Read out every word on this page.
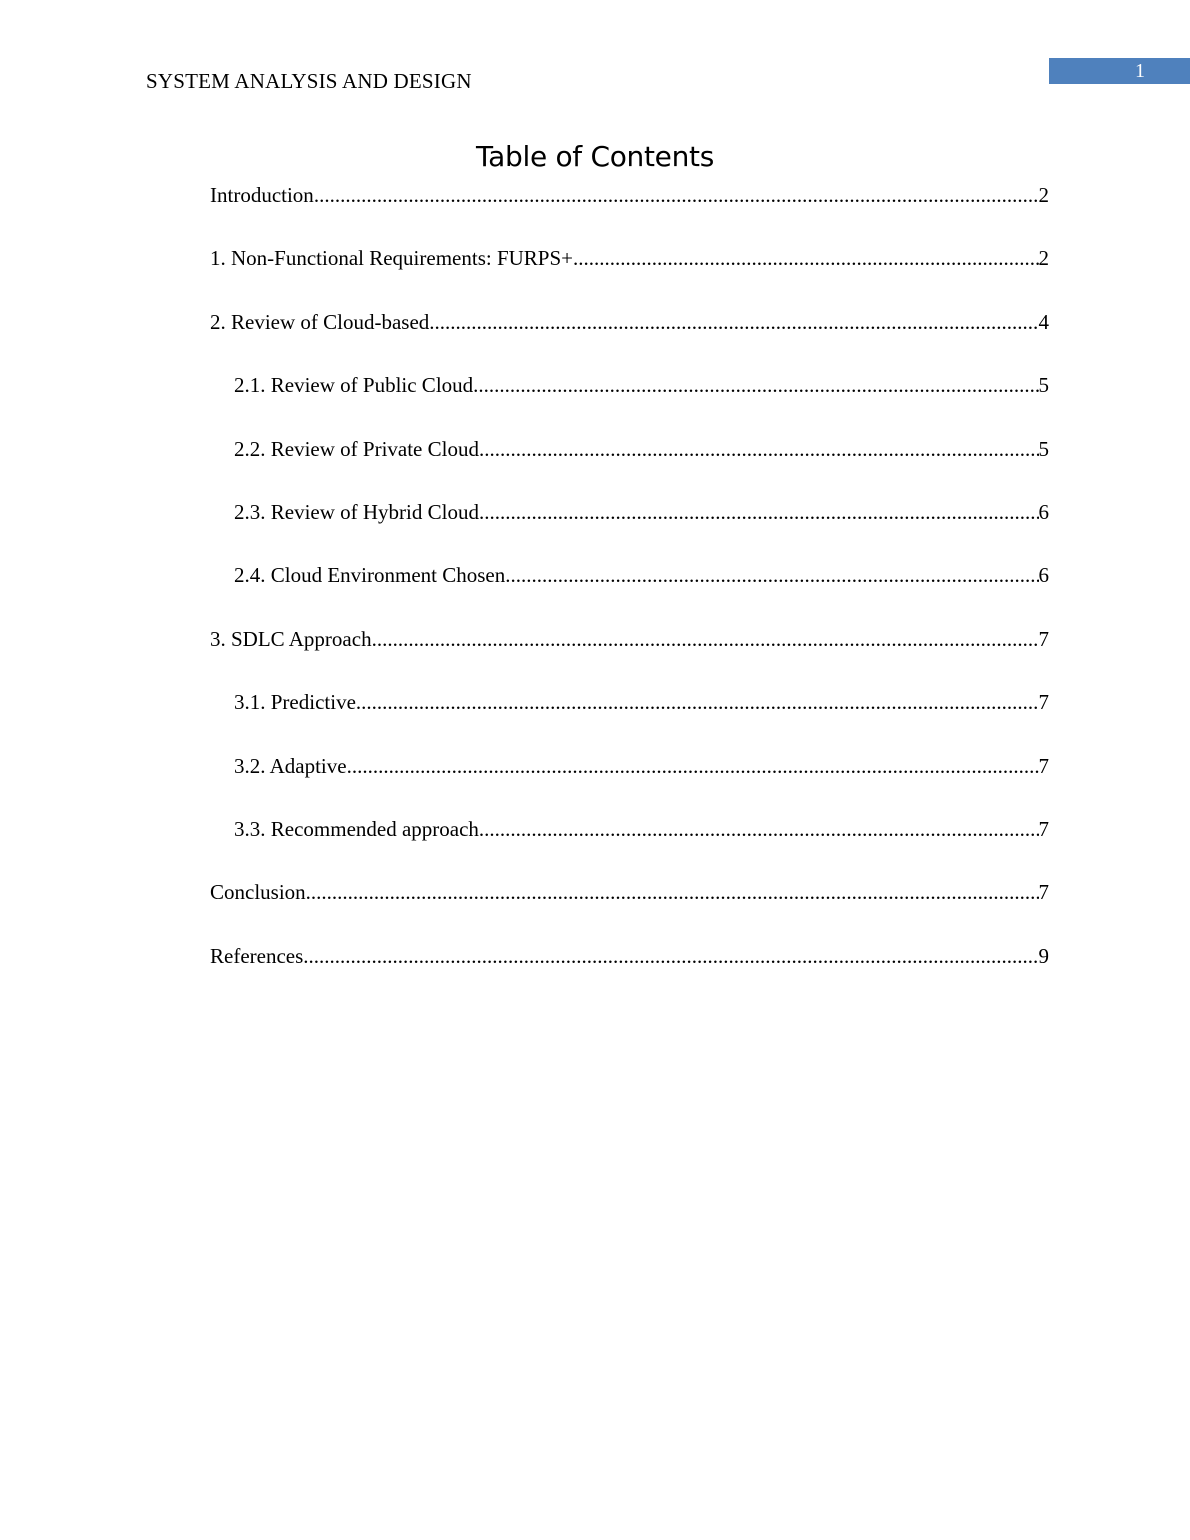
SYSTEM ANALYSIS AND DESIGN	1
Table of Contents
Introduction .....	2
1. Non-Functional Requirements: FURPS+ .....	2
2. Review of Cloud-based .....	4
2.1. Review of Public Cloud .....	5
2.2. Review of Private Cloud .....	5
2.3. Review of Hybrid Cloud .....	6
2.4. Cloud Environment Chosen .....	6
3. SDLC Approach .....	7
3.1. Predictive .....	7
3.2. Adaptive .....	7
3.3. Recommended approach .....	7
Conclusion .....	7
References .....	9
